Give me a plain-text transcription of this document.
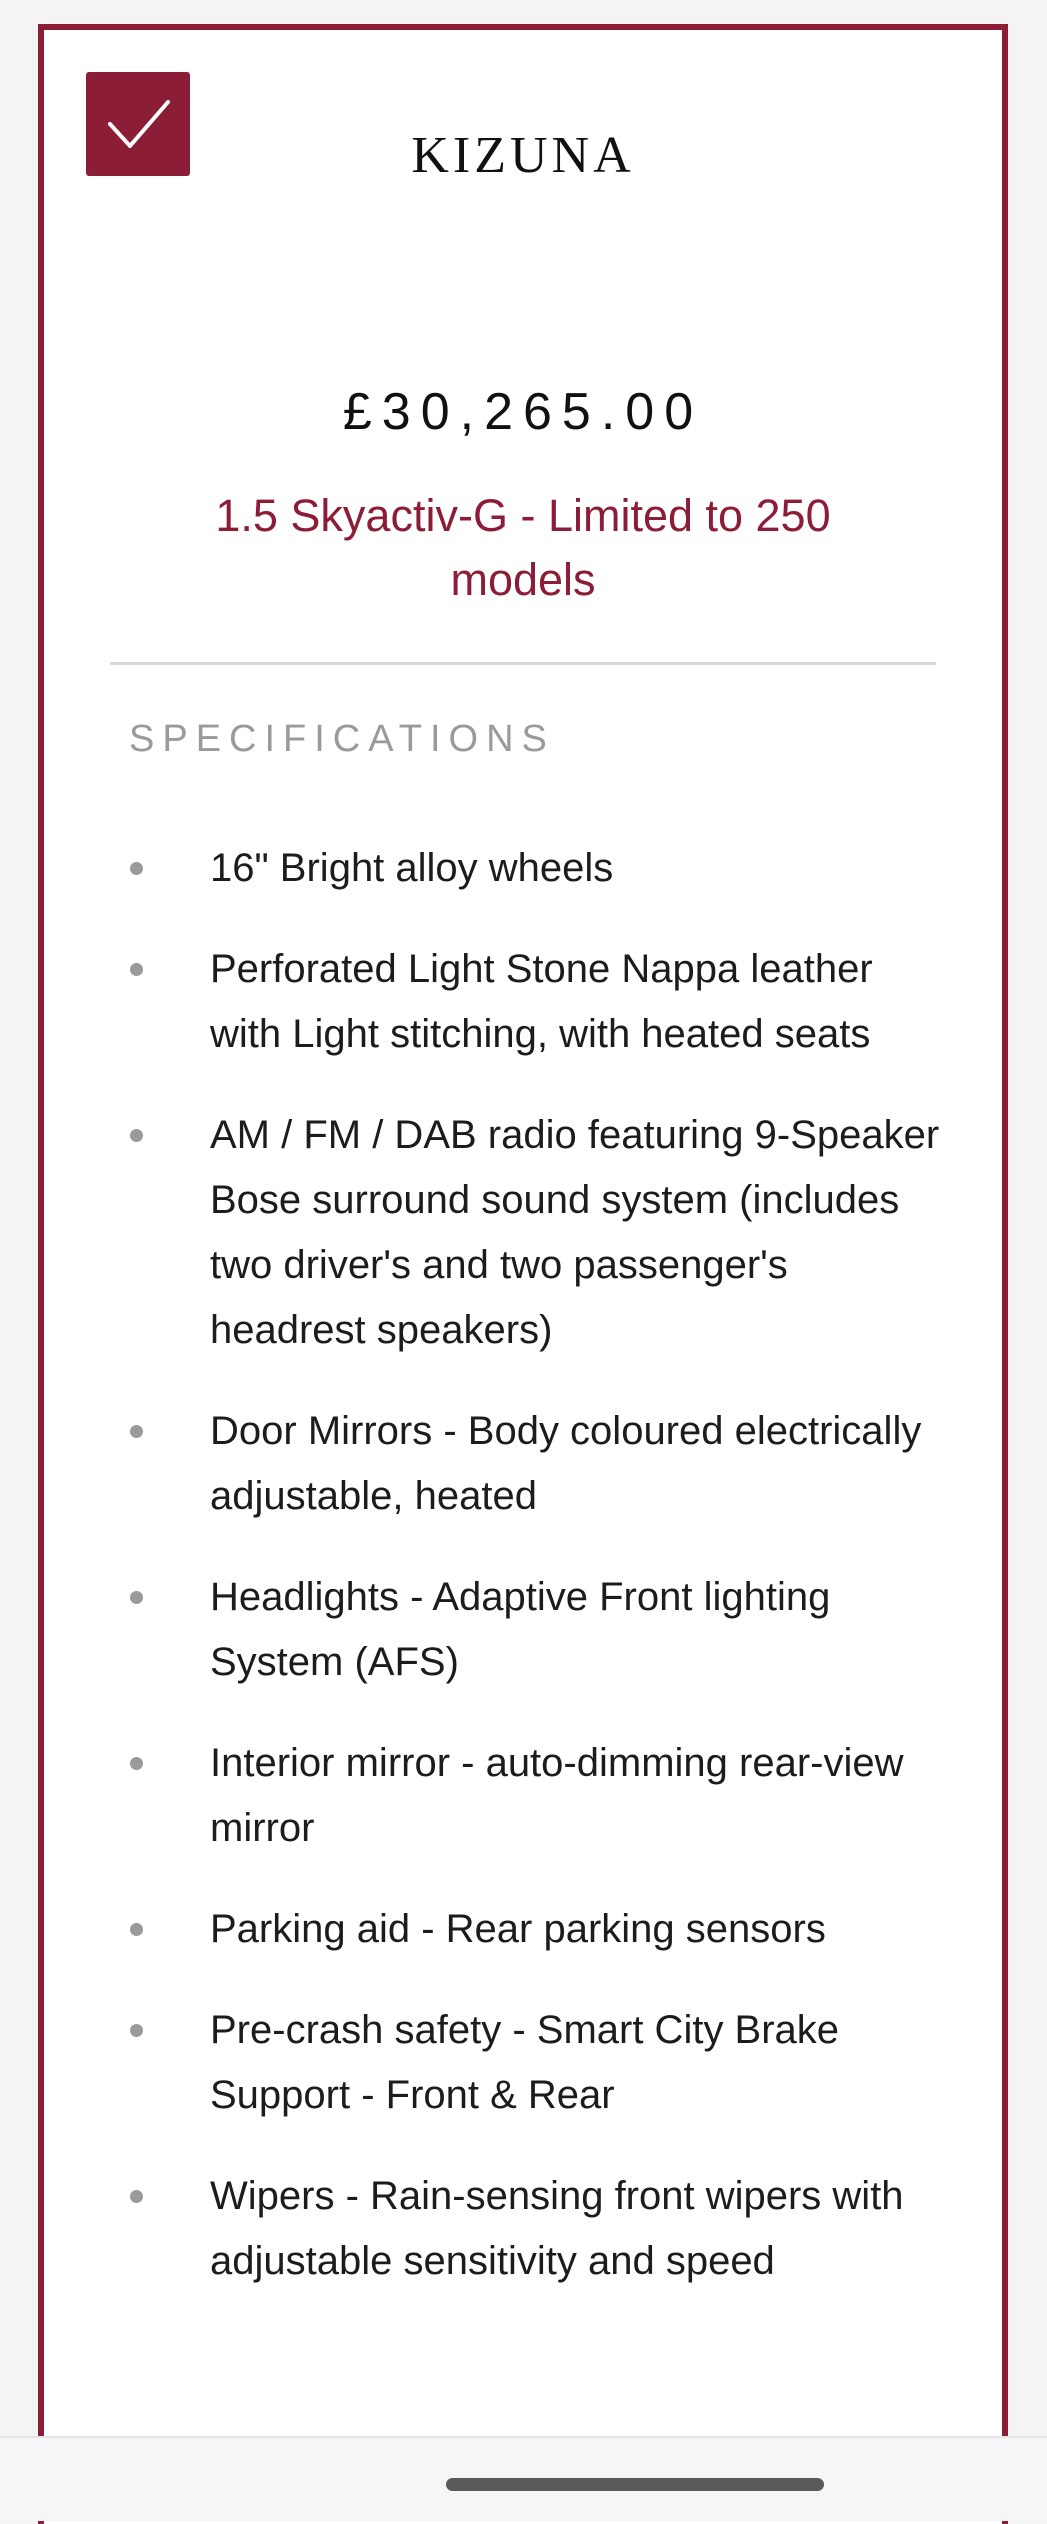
KIZUNA
£30,265.00
1.5 Skyactiv-G - Limited to 250 models
SPECIFICATIONS
16" Bright alloy wheels
Perforated Light Stone Nappa leather with Light stitching, with heated seats
AM / FM / DAB radio featuring 9-Speaker Bose surround sound system (includes two driver's and two passenger's headrest speakers)
Door Mirrors - Body coloured electrically adjustable, heated
Headlights - Adaptive Front lighting System (AFS)
Interior mirror - auto-dimming rear-view mirror
Parking aid - Rear parking sensors
Pre-crash safety - Smart City Brake Support - Front & Rear
Wipers - Rain-sensing front wipers with adjustable sensitivity and speed
